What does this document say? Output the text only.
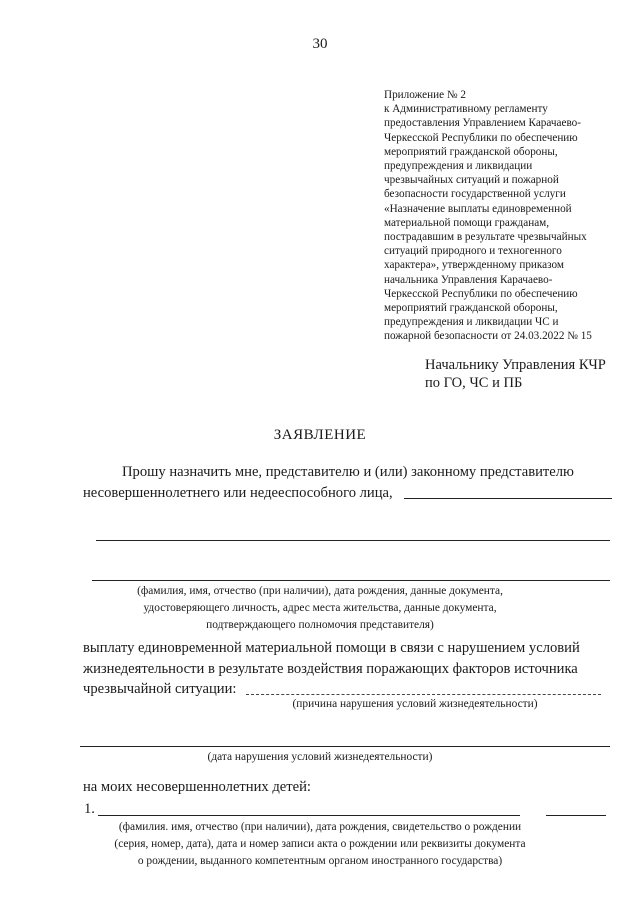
30
Приложение № 2
к Административному регламенту
предоставления Управлением Карачаево-
Черкесской Республики по обеспечению
мероприятий гражданской обороны,
предупреждения и ликвидации
чрезвычайных ситуаций и пожарной
безопасности государственной услуги
«Назначение выплаты единовременной
материальной помощи гражданам,
пострадавшим в результате чрезвычайных
ситуаций природного и техногенного
характера», утвержденному приказом
начальника Управления Карачаево-
Черкесской Республики по обеспечению
мероприятий гражданской обороны,
предупреждения и ликвидации ЧС и
пожарной безопасности от 24.03.2022 № 15
Начальнику Управления КЧР
по ГО, ЧС и ПБ
ЗАЯВЛЕНИЕ
Прошу назначить мне, представителю и (или) законному представителю
несовершеннолетнего или недееспособного лица,
(фамилия, имя, отчество (при наличии), дата рождения, данные документа,
удостоверяющего личность, адрес места жительства, данные документа,
подтверждающего полномочия представителя)
выплату единовременной материальной помощи в связи с нарушением условий
жизнедеятельности в результате воздействия поражающих факторов источника
чрезвычайной ситуации:
(причина нарушения условий жизнедеятельности)
(дата нарушения условий жизнедеятельности)
на моих несовершеннолетних детей:
1.
(фамилия. имя, отчество (при наличии), дата рождения, свидетельство о рождении
(серия, номер, дата), дата и номер записи акта о рождении или реквизиты документа
о рождении, выданного компетентным органом иностранного государства)
